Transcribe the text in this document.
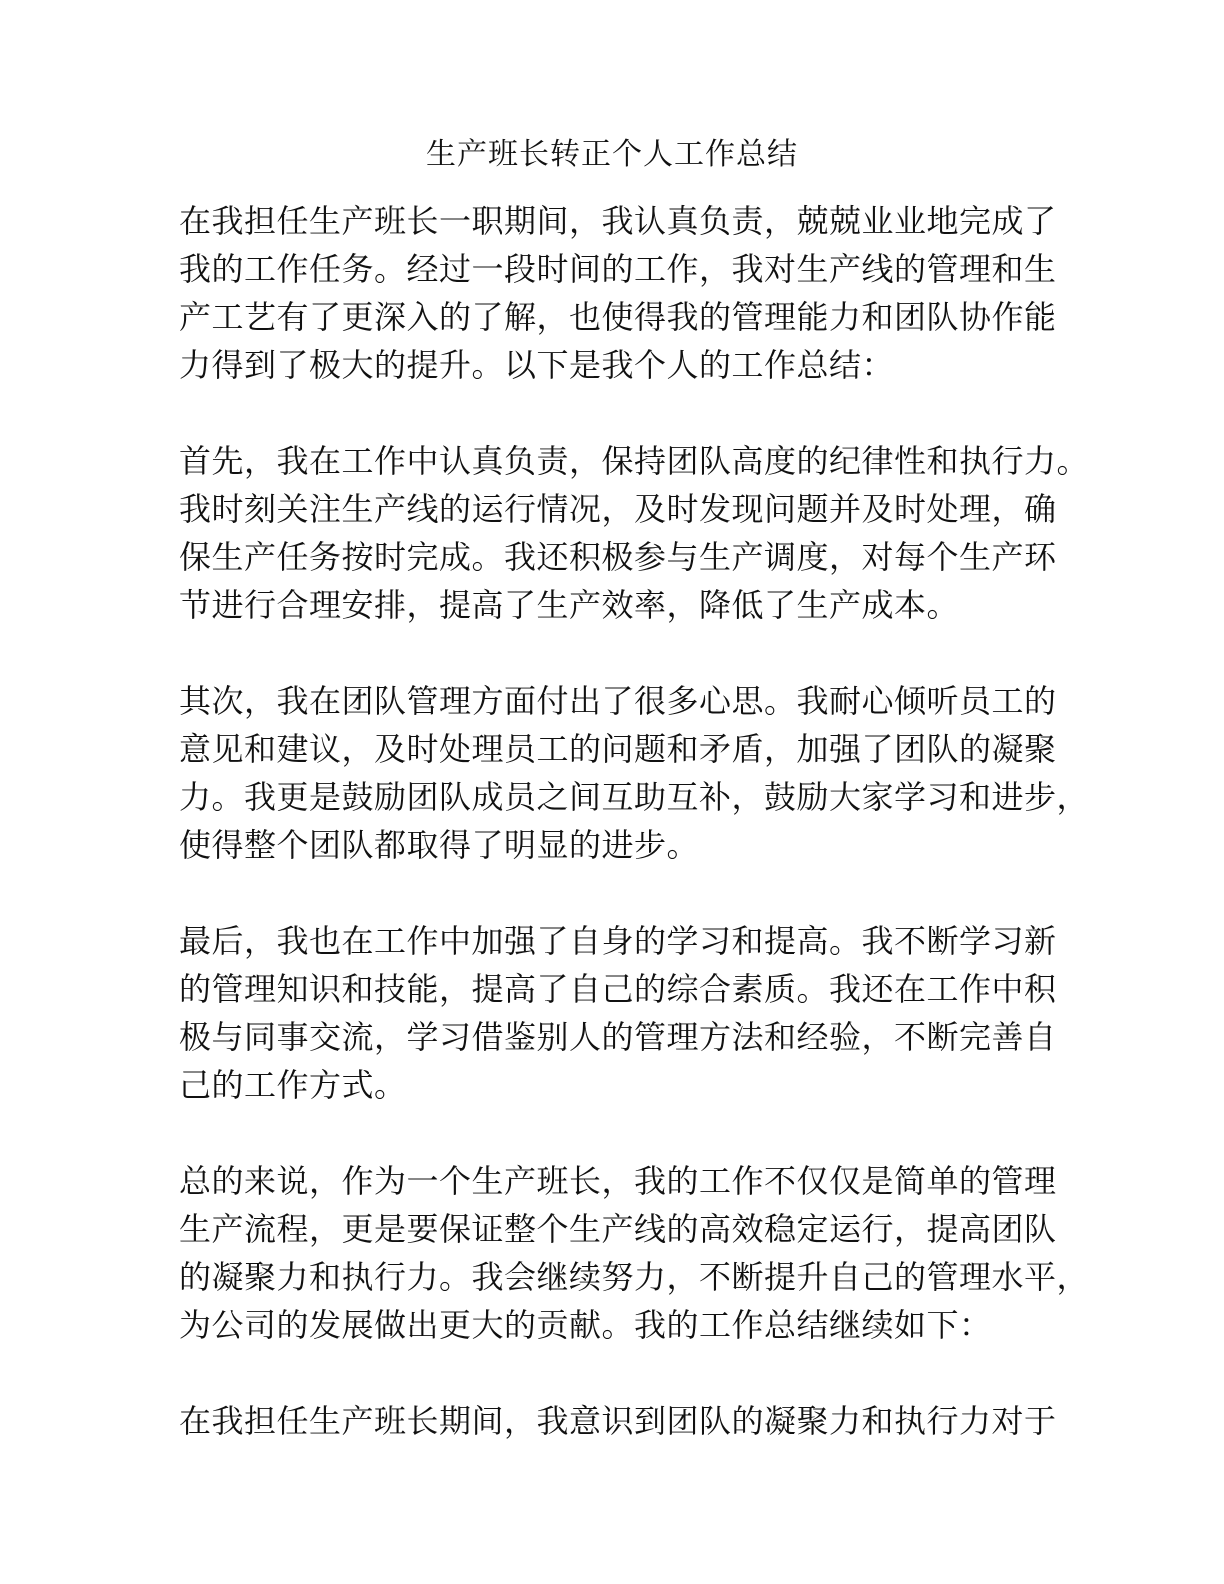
生产班长转正个人工作总结

在我担任生产班长一职期间，我认真负责，兢兢业业地完成了
我的工作任务。经过一段时间的工作，我对生产线的管理和生
产工艺有了更深入的了解，也使得我的管理能力和团队协作能
力得到了极大的提升。以下是我个人的工作总结：

首先，我在工作中认真负责，保持团队高度的纪律性和执行力。
我时刻关注生产线的运行情况，及时发现问题并及时处理，确
保生产任务按时完成。我还积极参与生产调度，对每个生产环
节进行合理安排，提高了生产效率，降低了生产成本。

其次，我在团队管理方面付出了很多心思。我耐心倾听员工的
意见和建议，及时处理员工的问题和矛盾，加强了团队的凝聚
力。我更是鼓励团队成员之间互助互补，鼓励大家学习和进步，
使得整个团队都取得了明显的进步。

最后，我也在工作中加强了自身的学习和提高。我不断学习新
的管理知识和技能，提高了自己的综合素质。我还在工作中积
极与同事交流，学习借鉴别人的管理方法和经验，不断完善自
己的工作方式。

总的来说，作为一个生产班长，我的工作不仅仅是简单的管理
生产流程，更是要保证整个生产线的高效稳定运行，提高团队
的凝聚力和执行力。我会继续努力，不断提升自己的管理水平，
为公司的发展做出更大的贡献。我的工作总结继续如下：

在我担任生产班长期间，我意识到团队的凝聚力和执行力对于
